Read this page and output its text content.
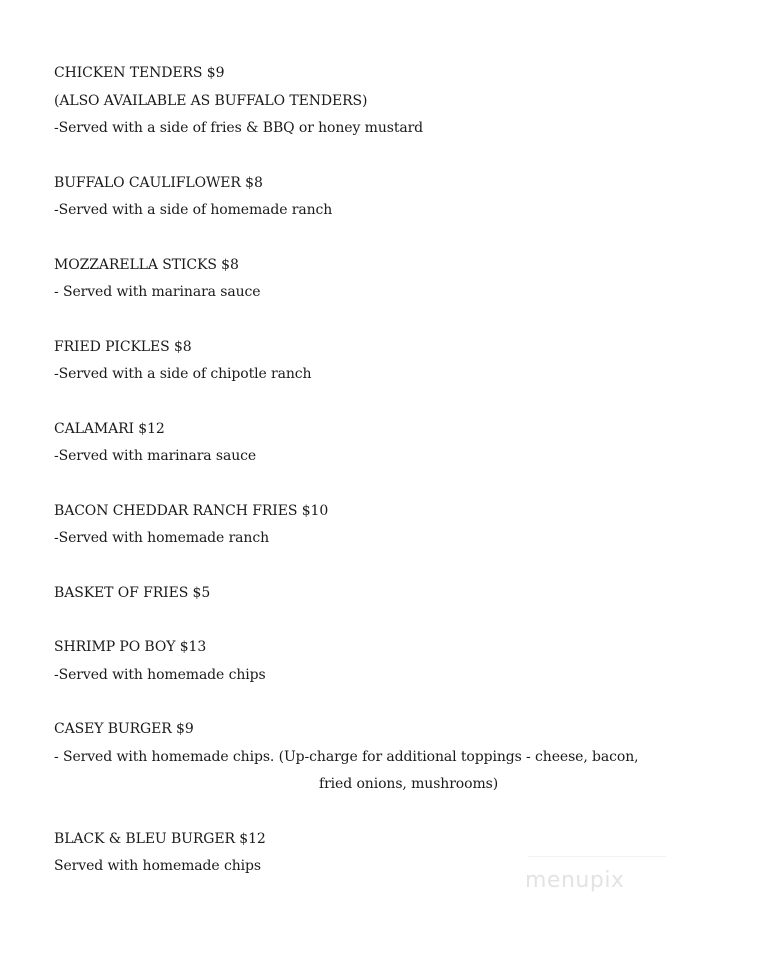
CHICKEN TENDERS $9
(ALSO AVAILABLE AS BUFFALO TENDERS)
-Served with a side of fries & BBQ or honey mustard
BUFFALO CAULIFLOWER $8
-Served with a side of homemade ranch
MOZZARELLA STICKS $8
- Served with marinara sauce
FRIED PICKLES $8
-Served with a side of chipotle ranch
CALAMARI $12
-Served with marinara sauce
BACON CHEDDAR RANCH FRIES $10
-Served with homemade ranch
BASKET OF FRIES $5
SHRIMP PO BOY $13
-Served with homemade chips
CASEY BURGER $9
- Served with homemade chips. (Up-charge for additional toppings - cheese, bacon,
fried onions, mushrooms)
BLACK & BLEU BURGER $12
Served with homemade chips
menupix
